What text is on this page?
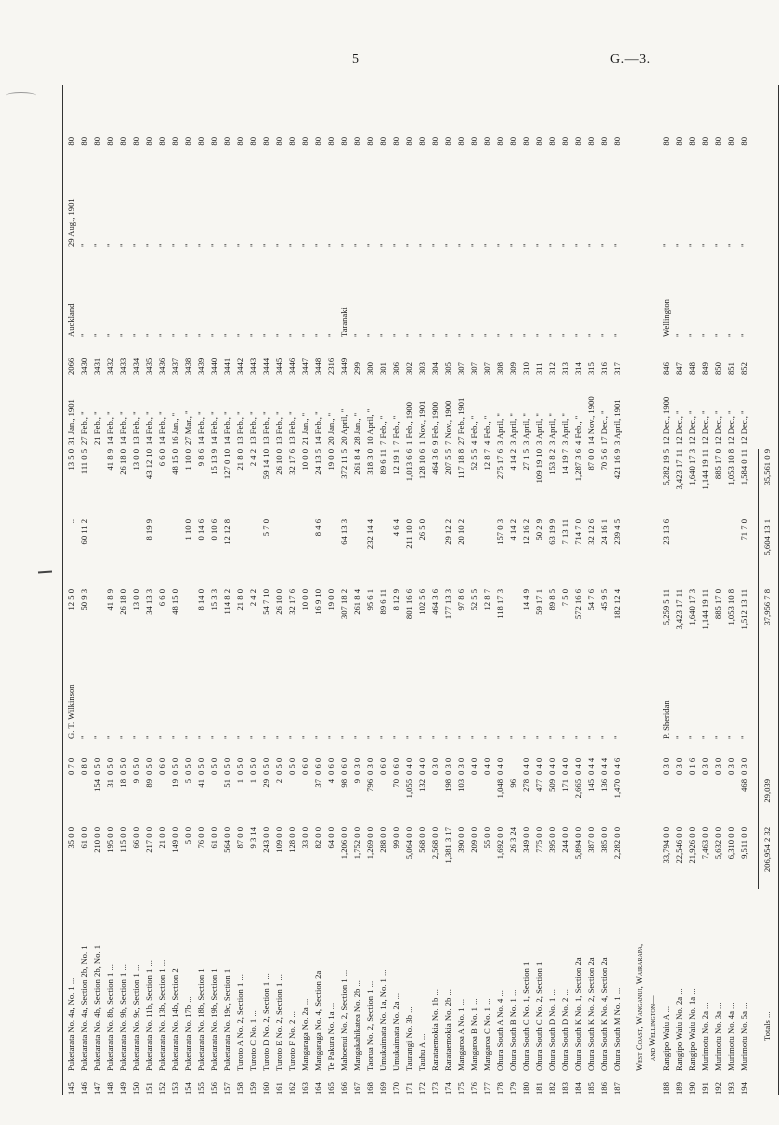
5	G.—3.
145
Puketarata No. 4a, No. 1 ...
35 0 0
0 7 0
G. T. Wilkinson
12 5 0
..
13 5 0
31 Jan., 1901
2066
Auckland
29 Aug., 1901
80
146
Puketarata No. 4a, Section 2b, No. 1
61 0 0
0 8 0
"
50 9 3
60 11 2
111 0 5
27 Feb., "
3430
"
"
80
147
Puketarata No. 4b, Section 2b, No. 1
210 0 0
154
0 5 0
"
21 Feb., "
3431
"
"
80
148
Puketarata No. 8b, Section 1 ...
195 0 0
31
0 5 0
"
41 8 9
41 8 9
14 Feb., "
3432
"
"
80
149
Puketarata No. 9b, Section 1 ...
115 0 0
18
0 5 0
"
26 18 0
26 18 0
14 Feb., "
3433
"
"
80
150
Puketarata No. 9c, Section 1 ...
66 0 0
9
0 5 0
"
13 0 0
13 0 0
13 Feb., "
3434
"
"
80
151
Puketarata No. 11b, Section 1 ...
217 0 0
89
0 5 0
"
34 13 3
8 19 9
43 12 10
14 Feb., "
3435
"
"
80
152
Puketarata No. 13b, Section 1 ...
21 0 0
0 6 0
"
6 6 0
6 6 0
14 Feb., "
3436
"
"
80
153
Puketarata No. 14b, Section 2
149 0 0
19
0 5 0
"
48 15 0
48 15 0
16 Jan., "
3437
"
"
80
154
Puketarata No. 17b ...
5 0 0
5
0 5 0
"
1 10 0
1 10 0
27 Mar., "
3438
"
"
80
155
Puketarata No. 18b, Section 1
76 0 0
41
0 5 0
"
8 14 0
0 14 6
9 8 6
14 Feb., "
3439
"
"
80
156
Puketarata No. 19b, Section 1
61 0 0
0 5 0
"
15 3 3
0 10 6
15 13 9
14 Feb., "
3440
"
"
80
157
Puketarata No. 19c, Section 1
564 0 0
51
0 5 0
"
114 8 2
12 12 8
127 0 10
14 Feb., "
3441
"
"
80
158
Turoto A No. 2, Section 1 ...
87 0 0
1
0 5 0
"
21 8 0
21 8 0
13 Feb., "
3442
"
"
80
159
Turoto C No. 1 ...
9 3 14
1
0 5 0
"
2 4 2
2 4 2
13 Feb., "
3443
"
"
80
160
Turoto D No. 2, Section 1 ...
243 0 0
29
0 5 0
"
54 7 10
5 7 0
59 14 10
13 Feb., "
3444
"
"
80
161
Turoto E No. 2, Section 1 ...
109 0 0
2
0 5 0
"
26 10 0
26 10 0
13 Feb., "
3445
"
"
80
162
Turoto F No. 2 ...
128 0 0
0 5 0
"
32 17 6
32 17 6
13 Feb., "
3446
"
"
80
163
Mangaraga No. 2a ...
33 0 0
0 6 0
"
10 0 0
10 0 0
21 Jan., "
3447
"
"
80
164
Mangaraga No. 4, Section 2a
82 0 0
37
0 6 0
"
16 9 10
8 4 6
24 13 5
14 Feb., "
3448
"
"
80
165
Te Pakura No. 1a ...
64 0 0
4
0 6 0
"
19 0 0
19 0 0
20 Jan., "
2316
"
"
80
166
Mahoenui No. 2, Section 1 ...
1,206 0 0
98
0 6 0
"
307 18 2
64 13 3
372 11 5
20 April, "
3449
Taranaki
"
80
167
Mangakahikatea No. 2b ...
1,752 0 0
9
0 3 0
"
261 8 4
261 8 4
28 Jan., "
299
"
"
80
168
Taorua No. 2, Section 1 ...
1,269 0 0
796
0 3 0
"
95 6 1
232 14 4
318 3 0
10 April, "
300
"
"
80
169
Umukaimata No. 1a, No. 1 ...
288 0 0
0 6 0
"
89 6 11
89 6 11
7 Feb., "
301
"
"
80
170
Umukaimata No. 2a ...
99 0 0
70
0 6 0
"
8 12 9
4 6 4
12 19 1
7 Feb., "
306
"
"
80
171
Taurangi No. 3b ...
5,064 0 0
1,055
0 4 0
"
801 16 6
211 10 0
1,013 6 6
1 Feb., 1900
302
"
"
80
172
Tauhu A ...
568 0 0
132
0 4 0
"
102 5 6
26 5 0
128 10 6
1 Nov., 1901
303
"
"
80
173
Rarataemokia No. 1b ...
2,568 0 0
0 3 0
"
464 3 6
464 3 6
9 Feb., 1900
304
"
"
80
174
Rarataemokia No. 2b ...
1,381 3 17
198
0 3 0
"
177 13 3
29 12 2
207 5 5
7 Nov., 1900
305
"
"
80
175
Mangaroa A No. 1 ...
390 0 0
103
0 3 0
"
97 8 6
20 10 2
117 18 8
27 Feb., 1901
307
"
"
80
176
Mangaroa B No. 1 ...
209 0 0
0 4 0
"
52 5 5
52 5 5
4 Feb., "
307
"
"
80
177
Mangaroa C No. 1 ...
55 0 0
0 4 0
"
12 8 7
12 8 7
4 Feb., "
307
"
"
80
178
Ohura South A No. 4 ...
1,692 0 0
1,048
0 4 0
"
118 17 3
157 0 3
275 17 6
3 April, "
308
"
"
80
179
Ohura South B No. 1 ...
26 3 24
96
"
4 14 2
4 14 2
3 April, "
309
"
"
80
180
Ohura South C No. 1, Section 1
349 0 0
278
0 4 0
"
14 4 9
12 16 2
27 1 5
3 April, "
310
"
"
80
181
Ohura South C No. 2, Section 1
775 0 0
477
0 4 0
"
59 17 1
50 2 9
109 19 10
3 April, "
311
"
"
80
182
Ohura South D No. 1 ...
395 0 0
509
0 4 0
"
89 8 5
63 19 9
153 8 2
3 April, "
312
"
"
80
183
Ohura South D No. 2 ...
244 0 0
171
0 4 0
"
7 5 0
7 13 11
14 19 7
3 April, "
313
"
"
80
184
Ohura South K No. 1, Section 2a
5,894 0 0
2,665
0 4 0
"
572 16 6
714 7 0
1,287 3 6
4 Feb., "
314
"
"
80
185
Ohura South K No. 2, Section 2a
387 0 0
145
0 4 4
"
54 7 6
32 12 6
87 0 0
14 Nov., 1900
315
"
"
80
186
Ohura South K No. 4, Section 2a
385 0 0
136
0 4 4
"
45 9 5
24 16 1
70 5 6
17 Dec., "
316
"
"
80
187
Ohura South M No. 1 ...
2,282 0 0
1,470
0 4 6
"
182 12 4
239 4 5
421 16 9
3 April, 1901
317
"
"
80
West Coast, Wanganui, Wairarapa, and Wellington—
188
Rangipo Waiu A ...
33,794 0 0
0 3 0
P. Sheridan
5,259 5 11
23 13 6
5,282 19 5
12 Dec., 1900
846
Wellington
"
80
189
Rangipo Waiu No. 2a ...
22,546 0 0
0 3 0
"
3,423 17 11
3,423 17 11
12 Dec., "
847
"
"
80
190
Rangipo Waiu No. 1a ...
21,926 0 0
0 1 6
"
1,640 17 3
1,640 17 3
12 Dec., "
848
"
"
80
191
Murimotu No. 2a ...
7,463 0 0
0 3 0
"
1,144 19 11
1,144 19 11
12 Dec., "
849
"
"
80
192
Murimotu No. 3a ...
5,632 0 0
0 3 0
"
885 17 0
885 17 0
12 Dec., "
850
"
"
80
193
Murimotu No. 4a ...
6,310 0 0
0 3 0
"
1,053 10 8
1,053 10 8
12 Dec., "
851
"
"
80
194
Murimotu No. 5a ...
9,511 0 0
468
0 3 0
"
1,512 13 11
71 7 0
1,584 0 11
12 Dec., "
852
"
"
80
Totals ...
206,954 2 32
29,039
37,956 7 8
5,604 13 1
35,561 0 9
